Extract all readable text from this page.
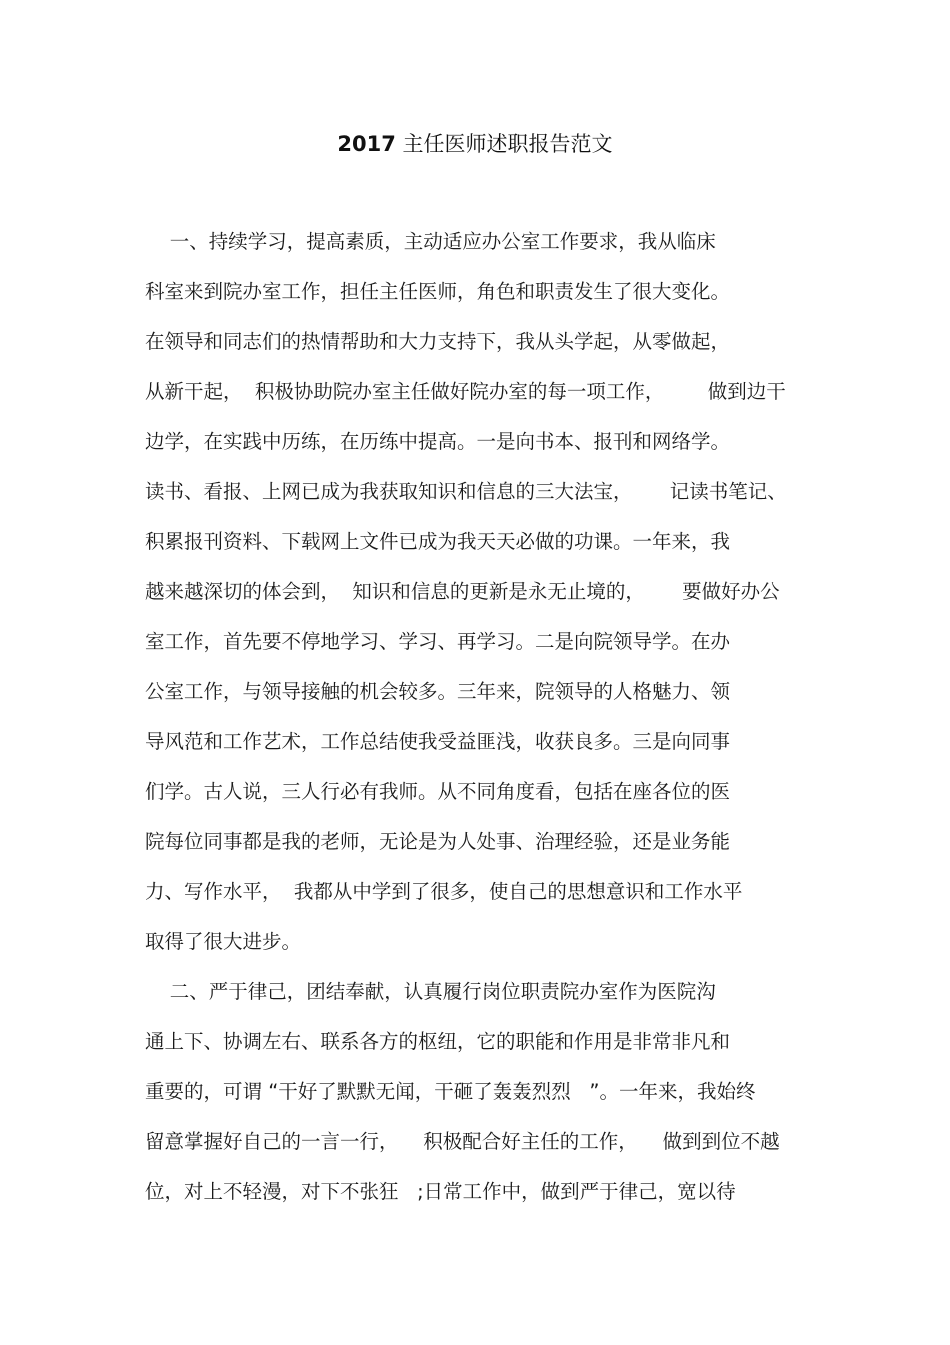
2017 主任医师述职报告范文
一、持续学习，提高素质，主动适应办公室工作要求，我从临床
科室来到院办室工作，担任主任医师，角色和职责发生了很大变化。
在领导和同志们的热情帮助和大力支持下，我从头学起，从零做起，
从新干起，  积极协助院办室主任做好院办室的每一项工作，       做到边干
边学，在实践中历练，在历练中提高。一是向书本、报刊和网络学。
读书、看报、上网已成为我获取知识和信息的三大法宝，      记读书笔记、
积累报刊资料、下载网上文件已成为我天天必做的功课。一年来，我
越来越深切的体会到，  知识和信息的更新是永无止境的，      要做好办公
室工作，首先要不停地学习、学习、再学习。二是向院领导学。在办
公室工作，与领导接触的机会较多。三年来，院领导的人格魅力、领
导风范和工作艺术，工作总结使我受益匪浅，收获良多。三是向同事
们学。古人说，三人行必有我师。从不同角度看，包括在座各位的医
院每位同事都是我的老师，无论是为人处事、治理经验，还是业务能
力、写作水平，  我都从中学到了很多，使自己的思想意识和工作水平
取得了很大进步。
二、严于律己，团结奉献，认真履行岗位职责院办室作为医院沟
通上下、协调左右、联系各方的枢纽，它的职能和作用是非常非凡和
重要的，可谓 “干好了默默无闻，干砸了轰轰烈烈   ”。一年来，我始终
留意掌握好自己的一言一行，    积极配合好主任的工作，    做到到位不越
位，对上不轻漫，对下不张狂   ;日常工作中，做到严于律己，宽以待
